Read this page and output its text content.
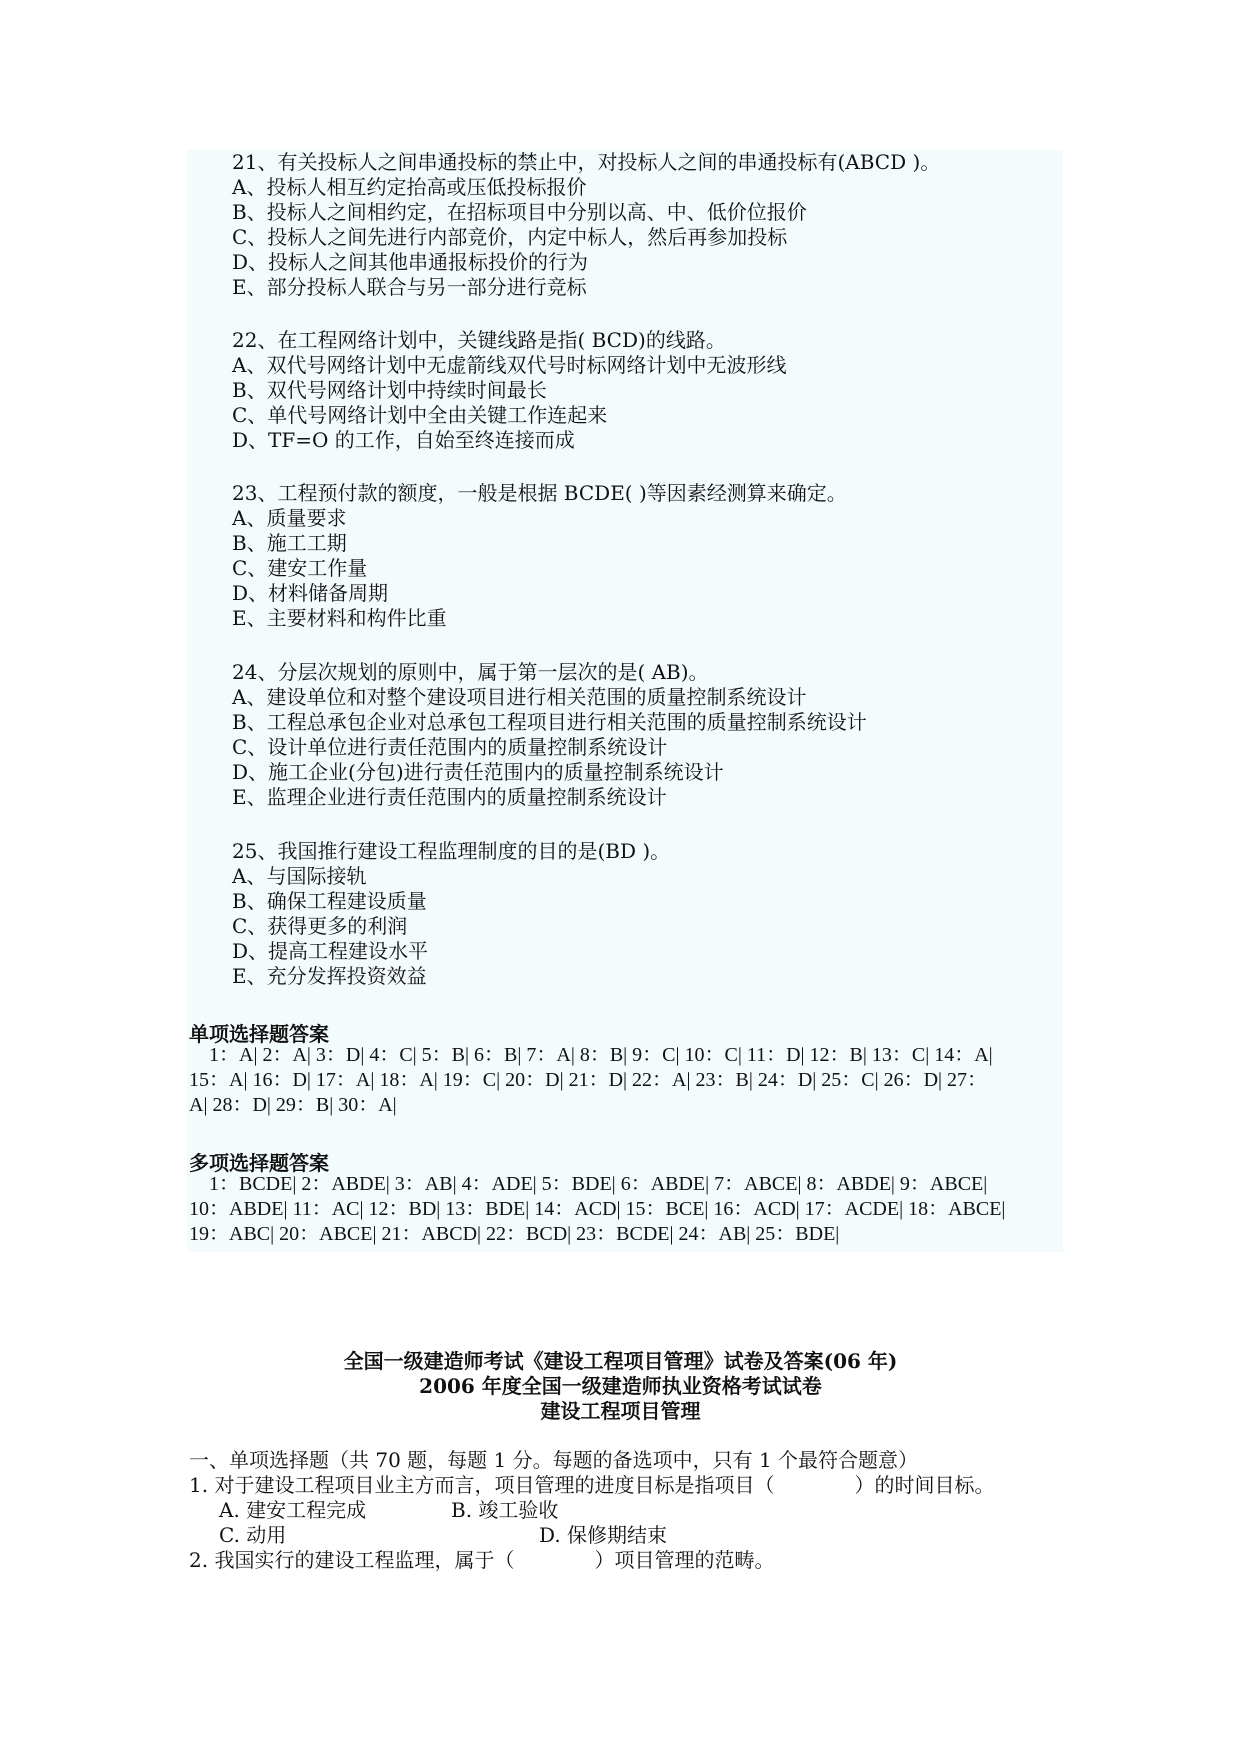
21、有关投标人之间串通投标的禁止中，对投标人之间的串通投标有(ABCD )。
A、投标人相互约定抬高或压低投标报价
B、投标人之间相约定，在招标项目中分别以高、中、低价位报价
C、投标人之间先进行内部竞价，内定中标人，然后再参加投标
D、投标人之间其他串通报标投价的行为
E、部分投标人联合与另一部分进行竞标
22、在工程网络计划中，关键线路是指( BCD)的线路。
A、双代号网络计划中无虚箭线双代号时标网络计划中无波形线
B、双代号网络计划中持续时间最长
C、单代号网络计划中全由关键工作连起来
D、TF=O 的工作，自始至终连接而成
23、工程预付款的额度，一般是根据 BCDE( )等因素经测算来确定。
A、质量要求
B、施工工期
C、建安工作量
D、材料储备周期
E、主要材料和构件比重
24、分层次规划的原则中，属于第一层次的是( AB)。
A、建设单位和对整个建设项目进行相关范围的质量控制系统设计
B、工程总承包企业对总承包工程项目进行相关范围的质量控制系统设计
C、设计单位进行责任范围内的质量控制系统设计
D、施工企业(分包)进行责任范围内的质量控制系统设计
E、监理企业进行责任范围内的质量控制系统设计
25、我国推行建设工程监理制度的目的是(BD )。
A、与国际接轨
B、确保工程建设质量
C、获得更多的利润
D、提高工程建设水平
E、充分发挥投资效益
单项选择题答案
1：A| 2：A| 3：D| 4：C| 5：B| 6：B| 7：A| 8：B| 9：C| 10：C| 11：D| 12：B| 13：C| 14：A|
15：A| 16：D| 17：A| 18：A| 19：C| 20：D| 21：D| 22：A| 23：B| 24：D| 25：C| 26：D| 27：
A| 28：D| 29：B| 30：A|
多项选择题答案
1：BCDE| 2：ABDE| 3：AB| 4：ADE| 5：BDE| 6：ABDE| 7：ABCE| 8：ABDE| 9：ABCE|
10：ABDE| 11：AC| 12：BD| 13：BDE| 14：ACD| 15：BCE| 16：ACD| 17：ACDE| 18：ABCE|
19：ABC| 20：ABCE| 21：ABCD| 22：BCD| 23：BCDE| 24：AB| 25：BDE|
全国一级建造师考试《建设工程项目管理》试卷及答案(06 年)
2006 年度全国一级建造师执业资格考试试卷
建设工程项目管理
一、单项选择题（共 70 题，每题 1 分。每题的备选项中，只有 1 个最符合题意）
1. 对于建设工程项目业主方而言，项目管理的进度目标是指项目（　　　　）的时间目标。
A. 建安工程完成	B. 竣工验收
C. 动用	D. 保修期结束
2. 我国实行的建设工程监理，属于（　　　　）项目管理的范畴。
